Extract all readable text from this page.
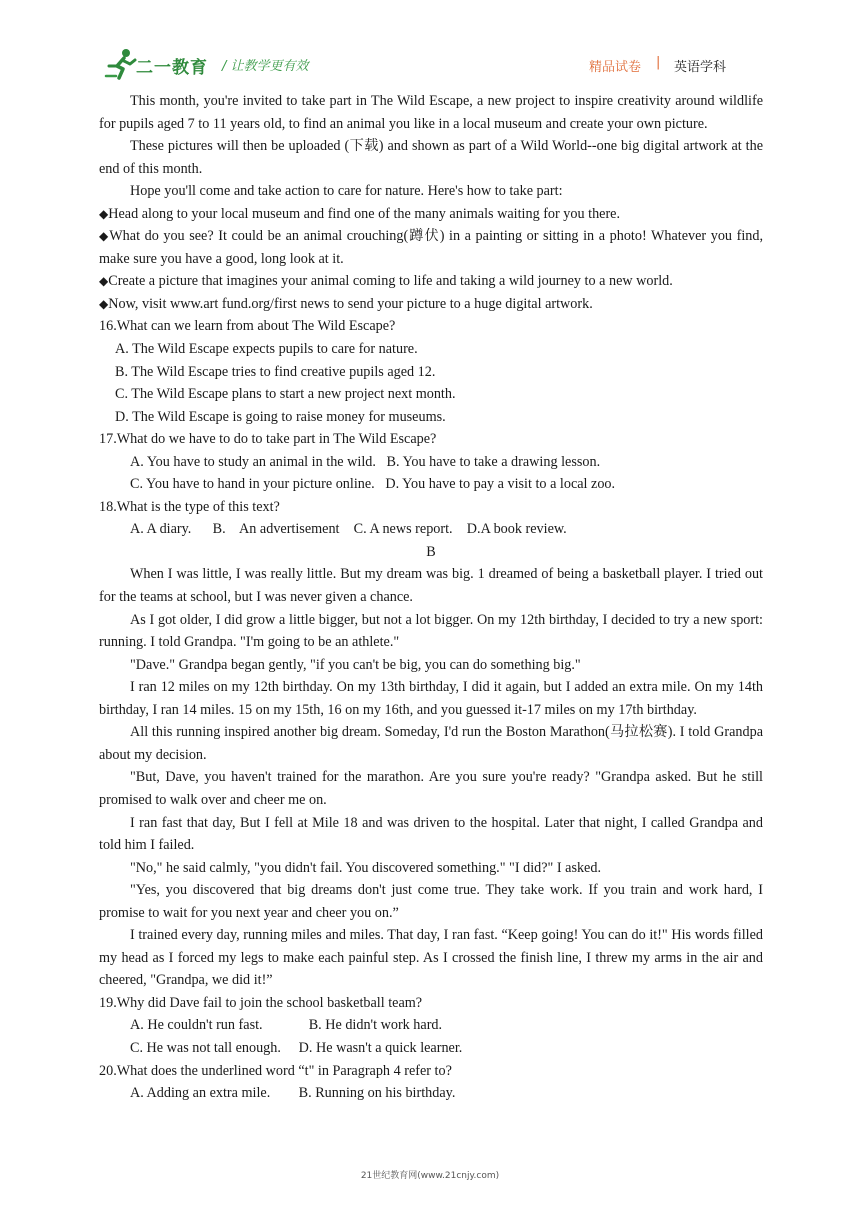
二一教育 / 让教学更有效	精品试卷 | 英语学科

This month, you're invited to take part in The Wild Escape, a new project to inspire creativity around wildlife for pupils aged 7 to 11 years old, to find an animal you like in a local museum and create your own picture.

These pictures will then be uploaded (下载) and shown as part of a Wild World--one big digital artwork at the end of this month.

Hope you'll come and take action to care for nature. Here's how to take part:

◆Head along to your local museum and find one of the many animals waiting for you there.

◆What do you see? It could be an animal crouching(蹲伏) in a painting or sitting in a photo! Whatever you find, make sure you have a good, long look at it.

◆Create a picture that imagines your animal coming to life and taking a wild journey to a new world.

◆Now, visit www.art fund.org/first news to send your picture to a huge digital artwork.

16.What can we learn from about The Wild Escape?

A. The Wild Escape expects pupils to care for nature.

B. The Wild Escape tries to find creative pupils aged 12.

C. The Wild Escape plans to start a new project next month.

D. The Wild Escape is going to raise money for museums.

17.What do we have to do to take part in The Wild Escape?

A. You have to study an animal in the wild.   B. You have to take a drawing lesson.

C. You have to hand in your picture online.   D. You have to pay a visit to a local zoo.

18.What is the type of this text?

A. A diary.      B.    An advertisement    C. A news report.    D.A book review.

B

When I was little, I was really little. But my dream was big. 1 dreamed of being a basketball player. I tried out for the teams at school, but I was never given a chance.

As I got older, I did grow a little bigger, but not a lot bigger. On my 12th birthday, I decided to try a new sport: running. I told Grandpa. "I'm going to be an athlete."

"Dave." Grandpa began gently, "if you can't be big, you can do something big."

I ran 12 miles on my 12th birthday. On my 13th birthday, I did it again, but I added an extra mile. On my 14th birthday, I ran 14 miles. 15 on my 15th, 16 on my 16th, and you guessed it-17 miles on my 17th birthday.

All this running inspired another big dream. Someday, I'd run the Boston Marathon(马拉松赛). I told Grandpa about my decision.

"But, Dave, you haven't trained for the marathon. Are you sure you're ready? "Grandpa asked. But he still promised to walk over and cheer me on.

I ran fast that day, But I fell at Mile 18 and was driven to the hospital. Later that night, I called Grandpa and told him I failed.

"No," he said calmly, "you didn't fail. You discovered something." "I did?" I asked.

"Yes, you discovered that big dreams don't just come true. They take work. If you train and work hard, I promise to wait for you next year and cheer you on.”

I trained every day, running miles and miles. That day, I ran fast. “Keep going! You can do it!" His words filled my head as I forced my legs to make each painful step. As I crossed the finish line, I threw my arms in the air and cheered, "Grandpa, we did it!”

19.Why did Dave fail to join the school basketball team?

A. He couldn't run fast.             B. He didn't work hard.

C. He was not tall enough.     D. He wasn't a quick learner.

20.What does the underlined word “t" in Paragraph 4 refer to?

A. Adding an extra mile.        B. Running on his birthday.

21世纪教育网(www.21cnjy.com)
